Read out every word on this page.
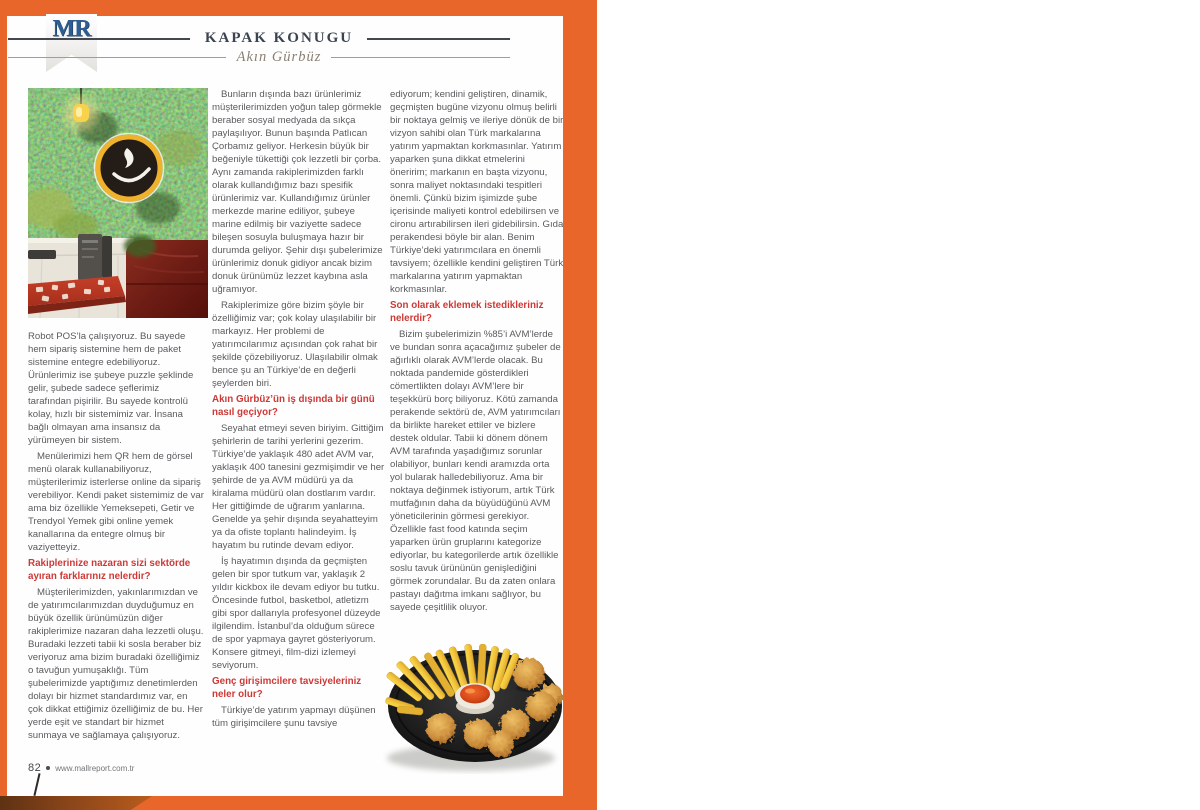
MR	KAPAK KONUGU
Akın Gürbüz
Robot POS’la çalışıyoruz. Bu sayede hem sipariş sistemine hem de paket sistemine entegre edebiliyoruz. Ürünlerimiz ise şubeye puzzle şeklinde gelir, şubede sadece şeflerimiz tarafından pişirilir. Bu sayede kontrolü kolay, hızlı bir sistemimiz var. İnsana bağlı olmayan ama insansız da yürümeyen bir sistem.
Menülerimizi hem QR hem de görsel menü olarak kullanabiliyoruz, müşterilerimiz isterlerse online da sipariş verebiliyor. Kendi paket sistemimiz de var ama biz özellikle Yemeksepeti, Getir ve Trendyol Yemek gibi online yemek kanallarına da entegre olmuş bir vaziyetteyiz.
Rakiplerinize nazaran sizi sektörde ayıran farklarınız nelerdir?
Müşterilerimizden, yakınlarımızdan ve de yatırımcılarımızdan duyduğumuz en büyük özellik ürünümüzün diğer rakiplerimize nazaran daha lezzetli oluşu. Buradaki lezzeti tabii ki sosla beraber biz veriyoruz ama bizim buradaki özelliğimiz o tavuğun yumuşaklığı. Tüm şubelerimizde yaptığımız denetimlerden dolayı bir hizmet standardımız var, en çok dikkat ettiğimiz özelliğimiz de bu. Her yerde eşit ve standart bir hizmet sunmaya ve sağlamaya çalışıyoruz.
Bunların dışında bazı ürünlerimiz müşterilerimizden yoğun talep görmekle beraber sosyal medyada da sıkça paylaşılıyor. Bunun başında Patlıcan Çorbamız geliyor. Herkesin büyük bir beğeniyle tükettiği çok lezzetli bir çorba. Aynı zamanda rakiplerimizden farklı olarak kullandığımız bazı spesifik ürünlerimiz var. Kullandığımız ürünler merkezde marine ediliyor, şubeye marine edilmiş bir vaziyette sadece bileşen sosuyla buluşmaya hazır bir durumda geliyor. Şehir dışı şubelerimize ürünlerimiz donuk gidiyor ancak bizim donuk ürünümüz lezzet kaybına asla uğramıyor.
Rakiplerimize göre bizim şöyle bir özelliğimiz var; çok kolay ulaşılabilir bir markayız. Her problemi de yatırımcılarımız açısından çok rahat bir şekilde çözebiliyoruz. Ulaşılabilir olmak bence şu an Türkiye’de en değerli şeylerden biri.
Akın Gürbüz’ün iş dışında bir günü nasıl geçiyor?
Seyahat etmeyi seven biriyim. Gittiğim şehirlerin de tarihi yerlerini gezerim. Türkiye’de yaklaşık 480 adet AVM var, yaklaşık 400 tanesini gezmişimdir ve her şehirde de ya AVM müdürü ya da kiralama müdürü olan dostlarım vardır. Her gittiğimde de uğrarım yanlarına. Genelde ya şehir dışında seyahatteyim ya da ofiste toplantı halindeyim. İş hayatım bu rutinde devam ediyor.
İş hayatımın dışında da geçmişten gelen bir spor tutkum var, yaklaşık 2 yıldır kickbox ile devam ediyor bu tutku. Öncesinde futbol, basketbol, atletizm gibi spor dallarıyla profesyonel düzeyde ilgilendim. İstanbul’da olduğum sürece de spor yapmaya gayret gösteriyorum. Konsere gitmeyi, film-dizi izlemeyi seviyorum.
Genç girişimcilere tavsiyeleriniz neler olur?
Türkiye’de yatırım yapmayı düşünen tüm girişimcilere şunu tavsiye
ediyorum; kendini geliştiren, dinamik, geçmişten bugüne vizyonu olmuş belirli bir noktaya gelmiş ve ileriye dönük de bir vizyon sahibi olan Türk markalarına yatırım yapmaktan korkmasınlar. Yatırım yaparken şuna dikkat etmelerini öneririm; markanın en başta vizyonu, sonra maliyet noktasındaki tespitleri önemli. Çünkü bizim işimizde şube içerisinde maliyeti kontrol edebilirsen ve cironu artırabilirsen ileri gidebilirsin. Gıda perakendesi böyle bir alan. Benim Türkiye’deki yatırımcılara en önemli tavsiyem; özellikle kendini geliştiren Türk markalarına yatırım yapmaktan korkmasınlar.
Son olarak eklemek istedikleriniz nelerdir?
Bizim şubelerimizin %85’i AVM’lerde ve bundan sonra açacağımız şubeler de ağırlıklı olarak AVM’lerde olacak. Bu noktada pandemide gösterdikleri cömertlikten dolayı AVM’lere bir teşekkürü borç biliyoruz. Kötü zamanda perakende sektörü de, AVM yatırımcıları da birlikte hareket ettiler ve bizlere destek oldular. Tabii ki dönem dönem AVM tarafında yaşadığımız sorunlar olabiliyor, bunları kendi aramızda orta yol bularak halledebiliyoruz. Ama bir noktaya değinmek istiyorum, artık Türk mutfağının daha da büyüdüğünü AVM yöneticilerinin görmesi gerekiyor. Özellikle fast food katında seçim yaparken ürün gruplarını kategorize ediyorlar, bu kategorilerde artık özellikle soslu tavuk ürününün genişlediğini görmek zorundalar. Bu da zaten onlara pastayı dağıtma imkanı sağlıyor, bu sayede çeşitlilik oluyor.
82 www.mallreport.com.tr
